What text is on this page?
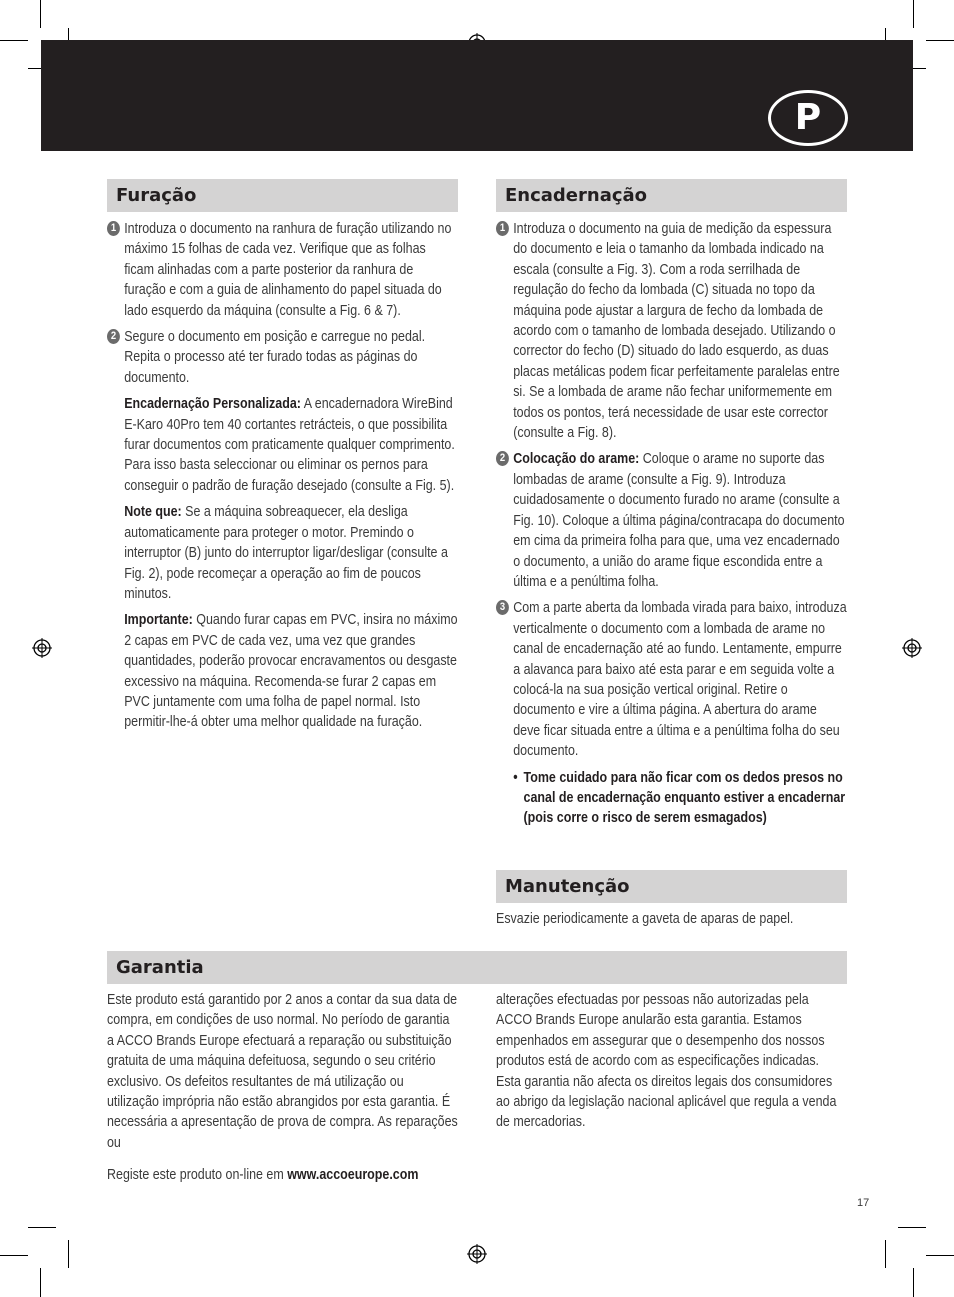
P
Furação
1 Introduza o documento na ranhura de furação utilizando no máximo 15 folhas de cada vez. Verifique que as folhas ficam alinhadas com a parte posterior da ranhura de furação e com a guia de alinhamento do papel situada do lado esquerdo da máquina (consulte a Fig. 6 & 7).
2 Segure o documento em posição e carregue no pedal. Repita o processo até ter furado todas as páginas do documento.
Encadernação Personalizada: A encadernadora WireBind E-Karo 40Pro tem 40 cortantes retrácteis, o que possibilita furar documentos com praticamente qualquer comprimento. Para isso basta seleccionar ou eliminar os pernos para conseguir o padrão de furação desejado (consulte a Fig. 5).
Note que: Se a máquina sobreaquecer, ela desliga automaticamente para proteger o motor. Premindo o interruptor (B) junto do interruptor ligar/desligar (consulte a Fig. 2), pode recomeçar a operação ao fim de poucos minutos.
Importante: Quando furar capas em PVC, insira no máximo 2 capas em PVC de cada vez, uma vez que grandes quantidades, poderão provocar encravamentos ou desgaste excessivo na máquina. Recomenda-se furar 2 capas em PVC juntamente com uma folha de papel normal. Isto permitir-lhe-á obter uma melhor qualidade na furação.
Encadernação
1 Introduza o documento na guia de medição da espessura do documento e leia o tamanho da lombada indicado na escala (consulte a Fig. 3). Com a roda serrilhada de regulação do fecho da lombada (C) situada no topo da máquina pode ajustar a largura de fecho da lombada de acordo com o tamanho de lombada desejado. Utilizando o corrector do fecho (D) situado do lado esquerdo, as duas placas metálicas podem ficar perfeitamente paralelas entre si. Se a lombada de arame não fechar uniformemente em todos os pontos, terá necessidade de usar este corrector (consulte a Fig. 8).
2 Colocação do arame: Coloque o arame no suporte das lombadas de arame (consulte a Fig. 9). Introduza cuidadosamente o documento furado no arame (consulte a Fig. 10). Coloque a última página/contracapa do documento em cima da primeira folha para que, uma vez encadernado o documento, a união do arame fique escondida entre a última e a penúltima folha.
3 Com a parte aberta da lombada virada para baixo, introduza verticalmente o documento com a lombada de arame no canal de encadernação até ao fundo. Lentamente, empurre a alavanca para baixo até esta parar e em seguida volte a colocá-la na sua posição vertical original. Retire o documento e vire a última página. A abertura do arame deve ficar situada entre a última e a penúltima folha do seu documento.
• Tome cuidado para não ficar com os dedos presos no canal de encadernação enquanto estiver a encadernar (pois corre o risco de serem esmagados)
Manutenção
Esvazie periodicamente a gaveta de aparas de papel.
Garantia
Este produto está garantido por 2 anos a contar da sua data de compra, em condições de uso normal. No período de garantia a ACCO Brands Europe efectuará a reparação ou substituição gratuita de uma máquina defeituosa, segundo o seu critério exclusivo. Os defeitos resultantes de má utilização ou utilização imprópria não estão abrangidos por esta garantia. É necessária a apresentação de prova de compra. As reparações ou
alterações efectuadas por pessoas não autorizadas pela ACCO Brands Europe anularão esta garantia. Estamos empenhados em assegurar que o desempenho dos nossos produtos está de acordo com as especificações indicadas. Esta garantia não afecta os direitos legais dos consumidores ao abrigo da legislação nacional aplicável que regula a venda de mercadorias.
Registe este produto on-line em www.accoeurope.com
17
